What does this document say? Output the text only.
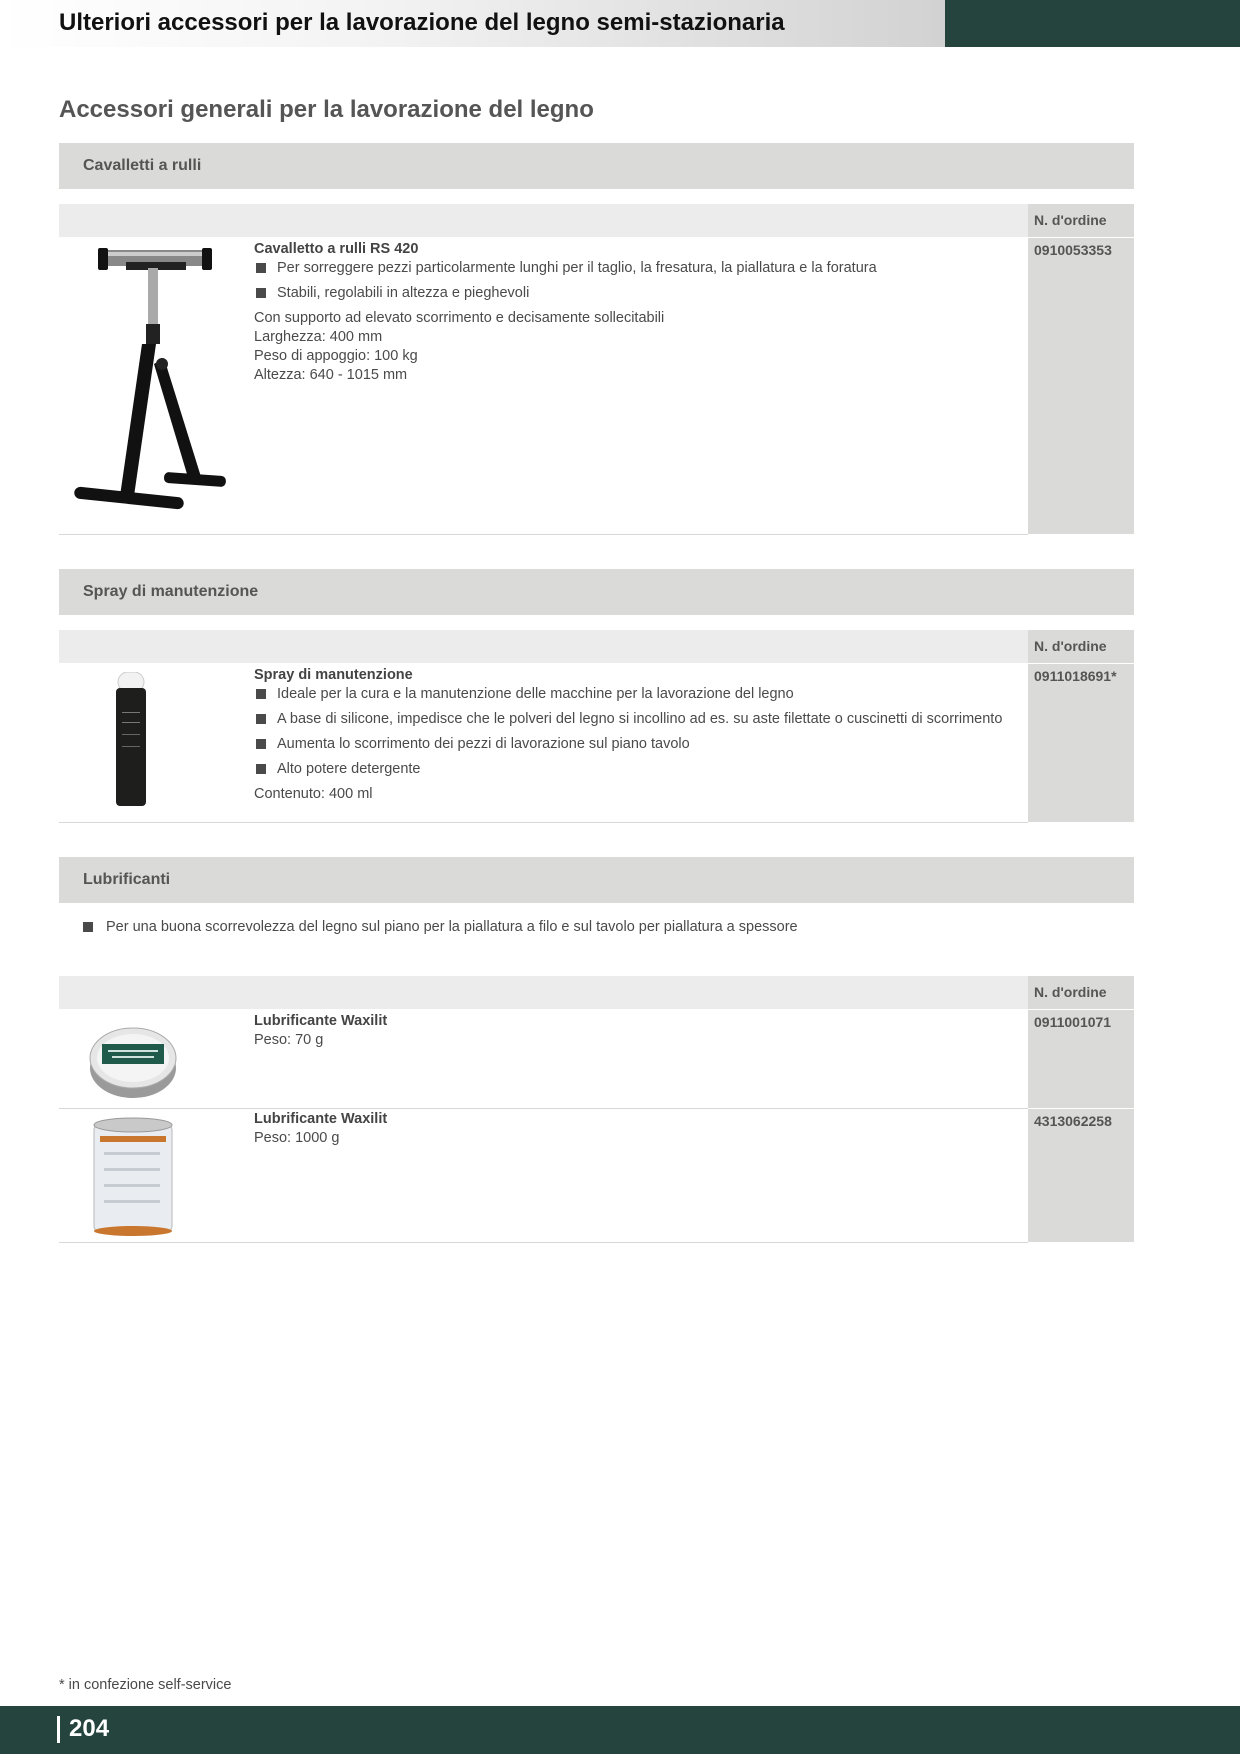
Ulteriori accessori per la lavorazione del legno semi-stazionaria
Accessori generali per la lavorazione del legno
Cavalletti a rulli
N. d'ordine
0910053353
Cavalletto a rulli RS 420
Per sorreggere pezzi particolarmente lunghi per il taglio, la fresatura, la piallatura e la foratura
Stabili, regolabili in altezza e pieghevoli

Con supporto ad elevato scorrimento e decisamente sollecitabili

Larghezza: 400 mm

Peso di appoggio: 100 kg

Altezza: 640 - 1015 mm

Spray di manutenzione
N. d'ordine
0911018691*
Spray di manutenzione
Ideale per la cura e la manutenzione delle macchine per la lavorazione del legno
A base di silicone, impedisce che le polveri del legno si incollino ad es. su aste filettate o cuscinetti di scorrimento
Aumenta lo scorrimento dei pezzi di lavorazione sul piano tavolo
Alto potere detergente

Contenuto: 400 ml

Lubrificanti
Per una buona scorrevolezza del legno sul piano per la piallatura a filo e sul tavolo per piallatura a spessore
N. d'ordine
0911001071
Lubrificante Waxilit

Peso: 70 g

4313062258
Lubrificante Waxilit

Peso: 1000 g

* in confezione self-service
204
